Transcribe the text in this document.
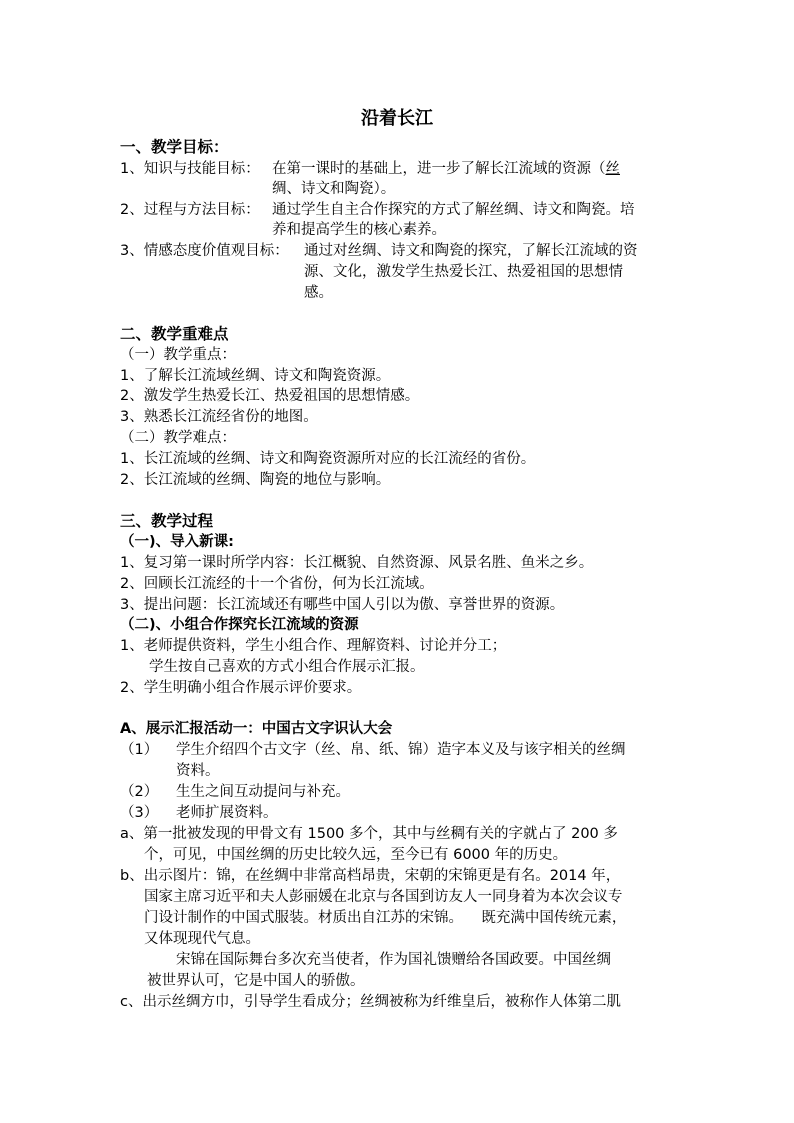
沿着长江
一、教学目标：
1、知识与技能目标： 在第一课时的基础上，进一步了解长江流域的资源（丝
绸、诗文和陶瓷）。
2、过程与方法目标： 通过学生自主合作探究的方式了解丝绸、诗文和陶瓷。培
养和提高学生的核心素养。
3、情感态度价值观目标： 通过对丝绸、诗文和陶瓷的探究，了解长江流域的资
源、文化，激发学生热爱长江、热爱祖国的思想情
感。
二、教学重难点
（一）教学重点：
1、了解长江流域丝绸、诗文和陶瓷资源。
2、激发学生热爱长江、热爱祖国的思想情感。
3、熟悉长江流经省份的地图。
（二）教学难点：
1、长江流域的丝绸、诗文和陶瓷资源所对应的长江流经的省份。
2、长江流域的丝绸、陶瓷的地位与影响。
三、教学过程
（一)、导入新课:
1、复习第一课时所学内容：长江概貌、自然资源、风景名胜、鱼米之乡。
2、回顾长江流经的十一个省份，何为长江流域。
3、提出问题：长江流域还有哪些中国人引以为傲、享誉世界的资源。
（二)、小组合作探究长江流域的资源
1、老师提供资料，学生小组合作、理解资料、讨论并分工；
学生按自己喜欢的方式小组合作展示汇报。
2、学生明确小组合作展示评价要求。
A、展示汇报活动一：中国古文字识认大会
（1） 学生介绍四个古文字（丝、帛、纸、锦）造字本义及与该字相关的丝绸
资料。
（2） 生生之间互动提问与补充。
（3） 老师扩展资料。
a、第一批被发现的甲骨文有 1500 多个，其中与丝稠有关的字就占了 200 多
个，可见，中国丝绸的历史比较久远，至今已有 6000 年的历史。
b、出示图片：锦，在丝绸中非常高档昂贵，宋朝的宋锦更是有名。2014 年，
国家主席习近平和夫人彭丽媛在北京与各国到访友人一同身着为本次会议专
门设计制作的中国式服装。材质出自江苏的宋锦。    既充满中国传统元素，
又体现现代气息。
宋锦在国际舞台多次充当使者，作为国礼馈赠给各国政要。中国丝绸
被世界认可，它是中国人的骄傲。
c、出示丝绸方巾，引导学生看成分；丝绸被称为纤维皇后，被称作人体第二肌
